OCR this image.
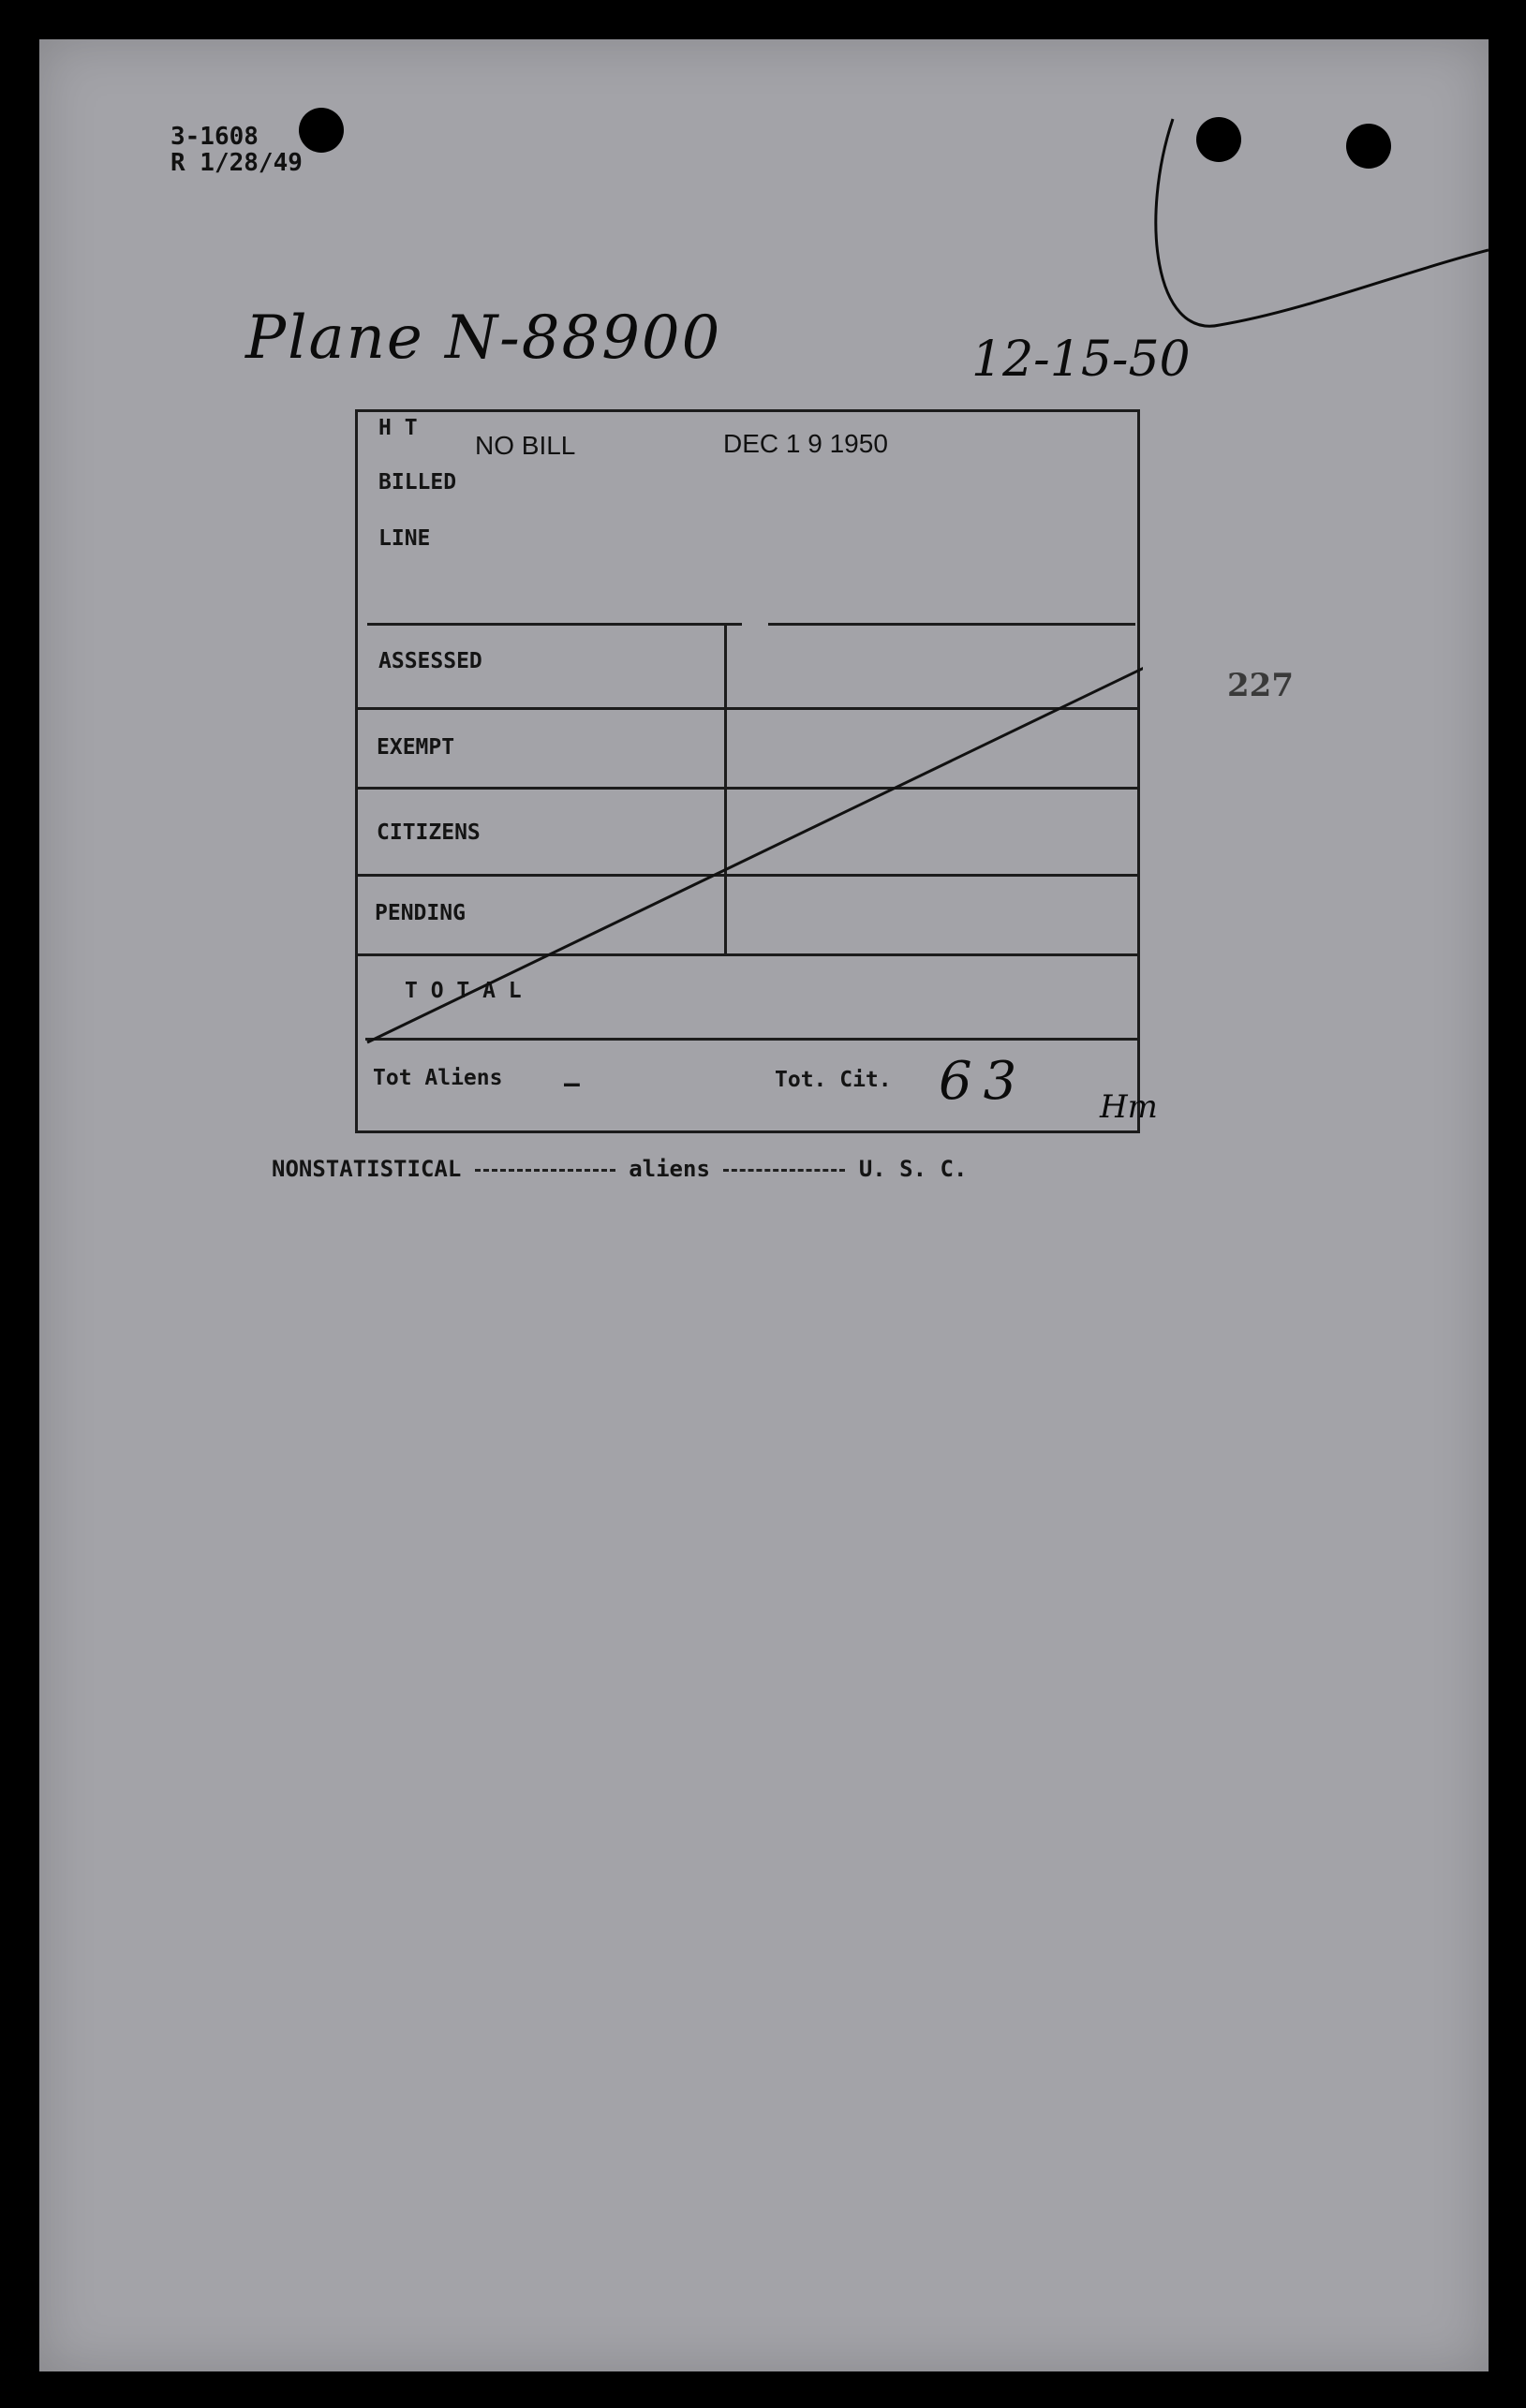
3-1608
R 1/28/49
Plane N-88900	12-15-50
H T
NO BILL	DEC 1 9 1950
BILLED
LINE
ASSESSED
EXEMPT
CITIZENS
PENDING
T O T A L
Tot Aliens —	Tot. Cit. 63 Hm
227
NONSTATISTICAL	aliens	U. S. C.
